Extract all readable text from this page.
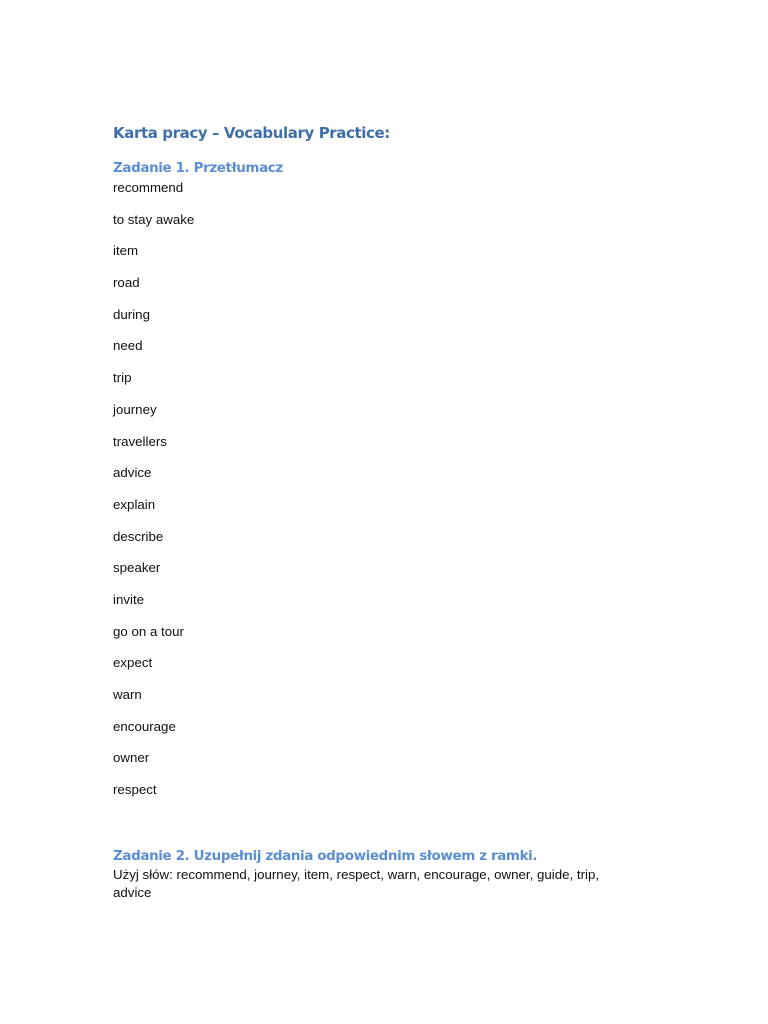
Karta pracy – Vocabulary Practice:
Zadanie 1. Przetłumacz
recommend
to stay awake
item
road
during
need
trip
journey
travellers
advice
explain
describe
speaker
invite
go on a tour
expect
warn
encourage
owner
respect
Zadanie 2. Uzupełnij zdania odpowiednim słowem z ramki.

Użyj słów: recommend, journey, item, respect, warn, encourage, owner, guide, trip, advice
